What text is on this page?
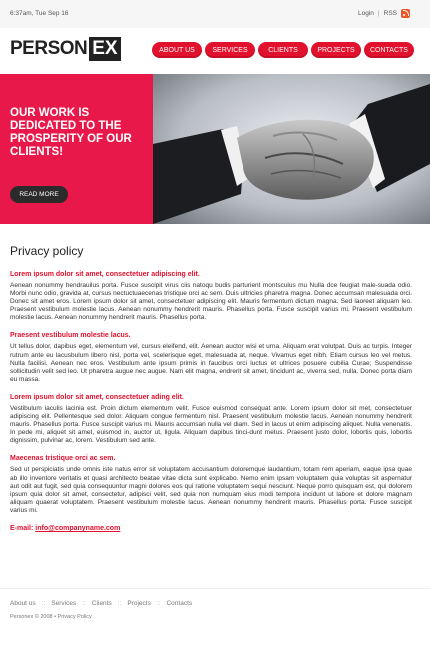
6:37am, Tue Sep 16	Login | RSS
PERSON EX	ABOUT US	SERVICES	CLIENTS	PROJECTS	CONTACTS
OUR WORK IS DEDICATED TO THE PROSPERITY OF OUR CLIENTS!
READ MORE
Privacy policy
Lorem ipsum dolor sit amet, consectetuer adipiscing elit.
Aenean nonummy hendrauilus porta. Fusce suscipit virus ciis natoqu budis parturient montsculus mu Nulla dce feugiat male-suada odio. Morbi nunc odio, gravida at, cursus nectuctuaecenas tristique orci ac sem. Duis ultricies pharetra magna. Donec accumsan malesuada orci. Donec sit amet eros. Lorem ipsum dolor sit amet, consectetuer adipiscing elit. Mauris fermentum dictum magna. Sed laoreet aliquam leo. Praesent vestibulum molestie lacus. Aenean nonummy hendrerit mauris. Phasellus porta. Fusce suscipit varius mi. Praesent vestibulum molestie lacus. Aenean nonummy hendrerit mauris. Phasellus porta.
Praesent vestibulum molestie lacus.
Ut tellus dolor, dapibus eget, elementum vel, cursus eleifend, elit. Aenean auctor wisi et urna. Aliquam erat volutpat. Duis ac turpis. Integer rutrum ante eu lacusbulum libero nisl, porta vel, scelerisque eget, malesuada at, neque. Vivamus eget nibh. Etiam cursus leo vel metus. Nulla facilisi. Aenean nec eros. Vestibulum ante ipsum primis in faucibus orci luctus et ultrices posuere cubilia Curae; Suspendisse sollicitudin velit sed leo. Ut pharetra augue nec augue. Nam elit magna, endrerit sit amet, tincidunt ac, viverra sed, nulla. Donec porta diam eu massa.
Lorem ipsum dolor sit amet, consectetuer ading elit.
Vestibulum iaculis lacinia est. Proin dictum elementum velit. Fusce euismod consequat ante. Lorem ipsum dolor sit met, consectetuer adipiscing elit. Pellentesque sed dolor. Aliquam congue fermentum nisl. Praesent vestibulum molestie lacus. Aenean nonummy hendrerit mauris. Phasellus porta. Fusce suscipit varius mi. Mauris accumsan nulla vel diam. Sed in lacus ut enim adipiscing aliquet. Nulla venenatis. In pede mi, aliquet sit amet, euismod in, auctor ut, ligula. Aliquam dapibus tinci-dunt metus. Praesent justo dolor, lobortis quis, lobortis dignissim, pulvinar ac, lorem. Vestibulum sed ante.
Maecenas tristique orci ac sem.
Sed ut perspiciatis unde omnis iste natus error sit voluptatem accusantium doloremque laudantium, totam rem aperiam, eaque ipsa quae ab illo inventore veritatis et quasi architecto beatae vitae dicta sunt explicabo. Nemo enim ipsam voluptatem quia voluptas sit aspernatur aut odit aut fugit, sed quia consequuntur magni dolores eos qui ratione voluptatem sequi nesciunt. Neque porro quisquam est, qui dolorem ipsum quia dolor sit amet, consectetur, adipisci velit, sed quia non numquam eius modi tempora incidunt ut labore et dolore magnam aliquam quaerat voluptatem. Praesent vestibulum molestie lacus. Aenean nonummy hendrerit mauris. Phasellus porta. Fusce suscipit varius mi.
E-mail: info@companyname.com
About us :: Services :: Clients :: Projects :: Contacts
Personex © 2008 • Privacy Policy
